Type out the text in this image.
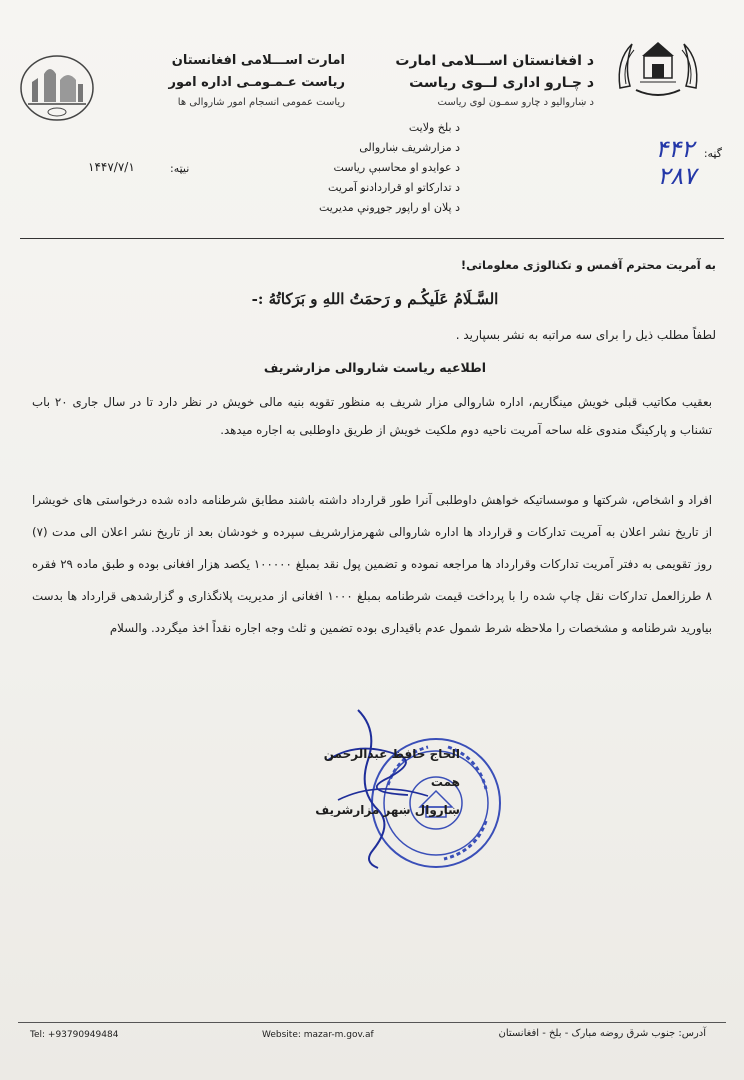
د افغانستان اســـلامی امارت
د چـارو اداری لــوی ریاست
د ښاروالیو د چارو سمـون لوی ریاست
امارت اســـلامی افغانستان
ریاست عـمـومـی اداره امور
ریاست عمومی انسجام امور شاروالی ها
د بلخ ولایت
د مزارشریف ښاروالی
د عوایدو او محاسبې ریاست
د تدارکاتو او قراردادنو آمریت
د پلان او راپور جوړونې مدیریت
گڼه:
۴۴۲
۲۸۷
نیټه:
۱۴۴۷/۷/۱
به آمریت محترم آفمس و تکنالوژی معلوماتی!
السَّـلَامُ عَلَیکُـم و رَحمَتُ اللهِ و بَرَکاتُهُ :-
لطفاً مطلب ذیل را برای سه مراتبه به نشر بسپارید .
اطلاعیه ریاست شاروالی مزارشریف
بعقیب مکاتیب قبلی خویش مینگاریم، اداره شاروالی مزار شریف به منظور تقویه بنیه مالی خویش در نظر دارد تا در سال جاری ۲۰ باب تشناب و پارکینگ مندوی غله ساحه آمریت ناحیه دوم ملکیت خویش از طریق داوطلبی به اجاره میدهد.
افراد و اشخاص، شرکتها و موسساتیکه خواهش داوطلبی آنرا طور قرارداد داشته باشند مطابق شرطنامه داده شده درخواستی های خویشرا از تاریخ نشر اعلان به آمریت تدارکات و قرارداد ها اداره شاروالی شهرمزارشریف سپرده و خودشان بعد از تاریخ نشر اعلان الی مدت (۷) روز تقویمی به دفتر آمریت تدارکات وقرارداد ها مراجعه نموده و تضمین پول نقد بمبلغ ۱۰۰۰۰۰ یکصد هزار افغانی بوده و طبق ماده ۲۹ فقره ۸ طرزالعمل تدارکات نقل چاپ شده را با پرداخت قیمت شرطنامه بمبلغ ۱۰۰۰ افغانی از مدیریت پلانگذاری و گزارشدهی قرارداد ها بدست بیاورید شرطنامه و مشخصات را ملاحظه شرط شمول عدم باقیداری بوده تضمین و ثلث وجه اجاره نقداً اخذ میگردد. والسلام
الحاج حافظ عبدالرحمن همت
ښاروال ښهر مزارشریف
آدرس: جنوب شرق روضه مبارک - بلخ - افغانستان
Website: mazar-m.gov.af
Tel: +93790949484
